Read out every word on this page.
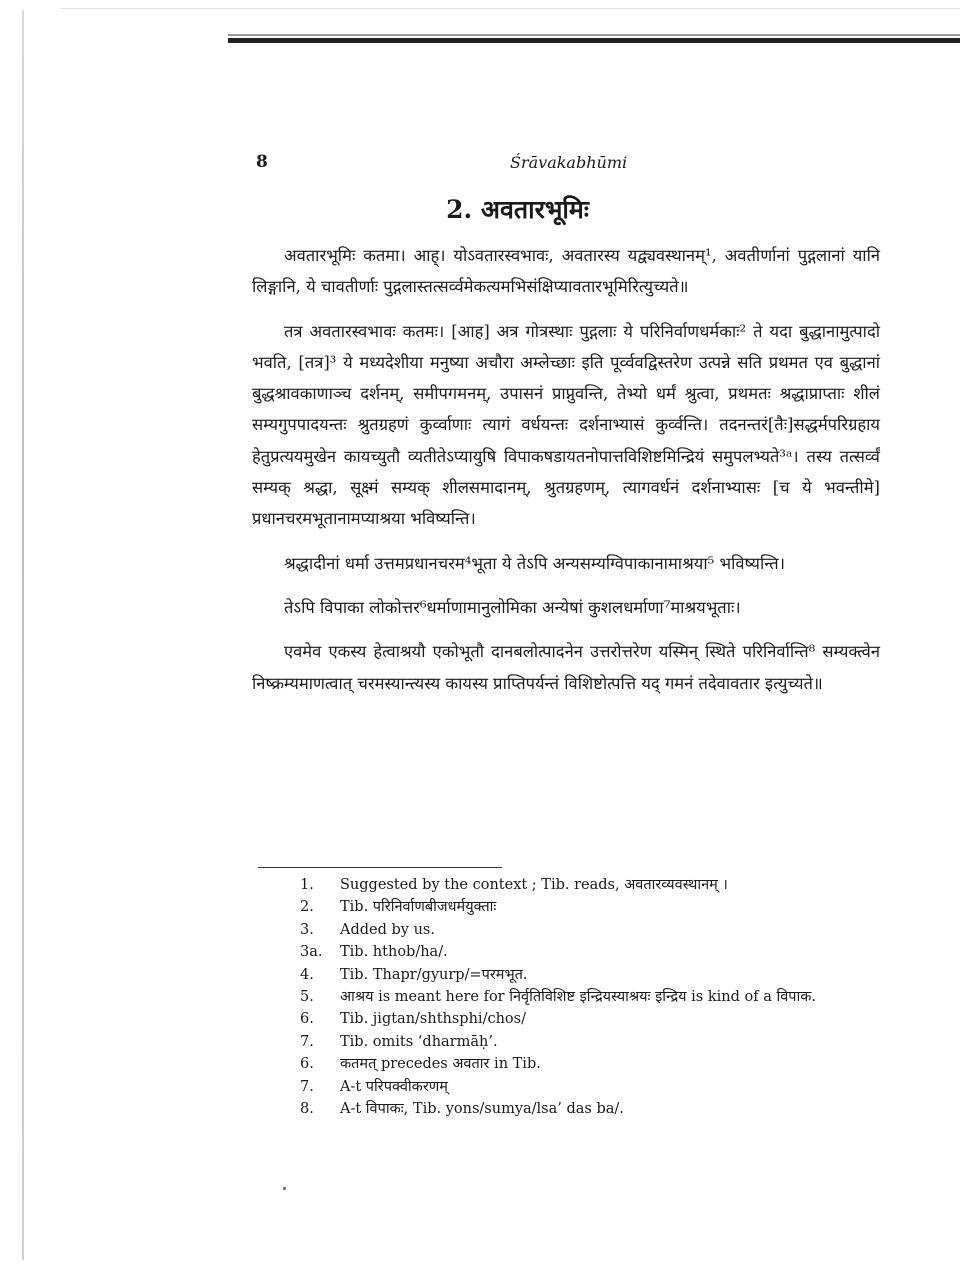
8	Śrāvakabhūmi
2. अवतारभूमिः

अवतारभूमिः कतमा। आह्। योऽवतारस्वभावः, अवतारस्य यद्व्यवस्थानम्¹, अवतीर्णानां पुद्गलानां यानि लिङ्गानि, ये चावतीर्णाः पुद्गलास्तत्सर्व्वमेकत्यमभिसंक्षिप्यावतारभूमिरित्युच्यते॥

तत्र अवतारस्वभावः कतमः। [आह] अत्र गोत्रस्थाः पुद्गलाः ये परिनिर्वाणधर्मकाः² ते यदा बुद्धानामुत्पादो भवति, [तत्र]³ ये मध्यदेशीया मनुष्या अचौरा अम्लेच्छाः इति पूर्व्ववद्विस्तरेण उत्पन्ने सति प्रथमत एव बुद्धानां बुद्धश्रावकाणाञ्च दर्शनम्, समीपगमनम्, उपासनं प्राप्नुवन्ति, तेभ्यो धर्मं श्रुत्वा, प्रथमतः श्रद्धाप्राप्ताः शीलं सम्यगुपपादयन्तः श्रुतग्रहणं कुर्व्वाणाः त्यागं वर्धयन्तः दर्शनाभ्यासं कुर्व्वन्ति। तदनन्तरं[तैः]सद्धर्मपरिग्रहाय हेतुप्रत्ययमुखेन कायच्युतौ व्यतीतेऽप्यायुषि विपाकषडायतनोपात्तविशिष्टमिन्द्रियं समुपलभ्यते³ᵃ। तस्य तत्सर्व्वं सम्यक् श्रद्धा, सूक्ष्मं सम्यक् शीलसमादानम्, श्रुतग्रहणम्, त्यागवर्धनं दर्शनाभ्यासः [च ये भवन्तीमे] प्रधानचरमभूतानामप्याश्रया भविष्यन्ति।

श्रद्धादीनां धर्मा उत्तमप्रधानचरम⁴भूता ये तेऽपि अन्यसम्यग्विपाकानामाश्रया⁵ भविष्यन्ति।

तेऽपि विपाका लोकोत्तर⁶धर्माणामानुलोमिका अन्येषां कुशलधर्माणा⁷माश्रयभूताः।

एवमेव एकस्य हेत्वाश्रयौ एकोभूतौ दानबलोत्पादनेन उत्तरोत्तरेण यस्मिन् स्थिते परिनिर्वान्ति⁸ सम्यक्त्वेन निष्क्रम्यमाणत्वात् चरमस्यान्त्यस्य कायस्य प्राप्तिपर्यन्तं विशिष्टोत्पत्ति यद् गमनं तदेवावतार इत्युच्यते॥

1.	Suggested by the context ; Tib. reads, अवतारव्यवस्थानम् ।
2.	Tib. परिनिर्वाणबीजधर्मयुक्ताः
3.	Added by us.
3a.	Tib. hthob/ha/.
4.	Tib. Thapr/gyurp/=परमभूत.
5.	आश्रय is meant here for निर्वृतिविशिष्ट इन्द्रियस्याश्रयः इन्द्रिय is kind of a विपाक.
6.	Tib. jigtan/shthsphi/chos/
7.	Tib. omits ‘dharmāḥ’.
6.	कतमत् precedes अवतार in Tib.
7.	A-t परिपक्वीकरणम्
8.	A-t विपाकः, Tib. yons/sumya/lsa’ das ba/.
